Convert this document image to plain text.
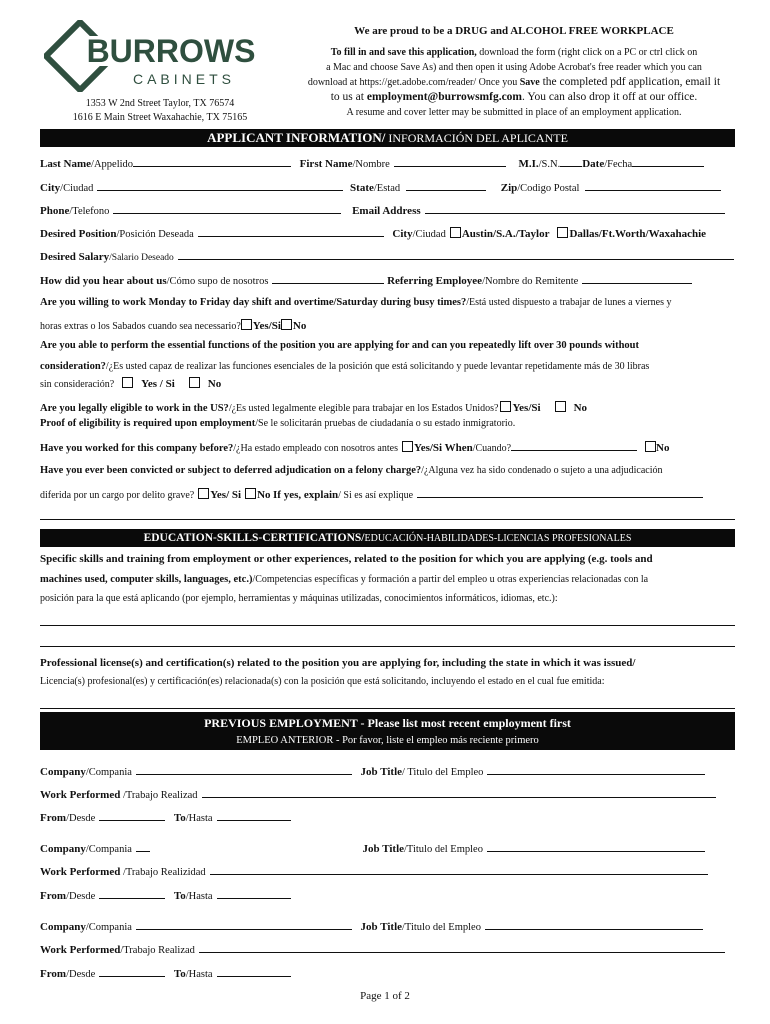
BURROWS
CABINETS
1353 W 2nd Street Taylor, TX 76574
1616 E Main Street Waxahachie, TX 75165
We are proud to be a DRUG and ALCOHOL FREE WORKPLACE
To fill in and save this application, download the form (right click on a PC or ctrl click on
a Mac and choose Save As) and then open it using Adobe Acrobat's free reader which you can
download at https://get.adobe.com/reader/ Once you Save the completed pdf application, email it
to us at employment@burrowsmfg.com. You can also drop it off at our office.
A resume and cover letter may be submitted in place of an employment application.
APPLICANT INFORMATION/ INFORMACIÓN DEL APLICANTE
Last Name/Appelido	First Name/Nombre	M.I./S.N. Date/Fecha
City/Ciudad	State/Estad	Zip/Codigo Postal
Phone/Telefono	Email Address
Desired Position/Posición Deseada	City/Ciudad Austin/S.A./Taylor Dallas/Ft.Worth/Waxahachie
Desired Salary/Salario Deseado
How did you hear about us/Cómo supo de nosotros	Referring Employee/Nombre do Remitente
Are you willing to work Monday to Friday day shift and overtime/Saturday during busy times?/Está usted dispuesto a trabajar de lunes a viernes y
horas extras o los Sabados cuando sea necessario? Yes/Si No
Are you able to perform the essential functions of the position you are applying for and can you repeatedly lift over 30 pounds without
consideration?/¿Es usted capaz de realizar las funciones esenciales de la posición que está solicitando y puede levantar repetidamente más de 30 libras
sin consideración? Yes / Si	No
Are you legally eligible to work in the US?/¿Es usted legalmente elegible para trabajar en los Estados Unidos? Yes/Si	No
Proof of eligibility is required upon employment/Se le solicitarán pruebas de ciudadanía o su estado inmigratorio.
Have you worked for this company before?/¿Ha estado empleado con nosotros antes Yes/Si When/Cuando?	No
Have you ever been convicted or subject to deferred adjudication on a felony charge?/¿Alguna vez ha sido condenado o sujeto a una adjudicación
diferida por un cargo por delito grave? Yes/ Si No If yes, explain/ Si es así explique
EDUCATION-SKILLS-CERTIFICATIONS/EDUCACIÓN-HABILIDADES-LICENCIAS PROFESIONALES
Specific skills and training from employment or other experiences, related to the position for which you are applying (e.g. tools and
machines used, computer skills, languages, etc.)/Competencias específicas y formación a partir del empleo u otras experiencias relacionadas con la
posición para la que está aplicando (por ejemplo, herramientas y máquinas utilizadas, conocimientos informáticos, idiomas, etc.):
Professional license(s) and certification(s) related to the position you are applying for, including the state in which it was issued/
Licencia(s) profesional(es) y certificación(es) relacionada(s) con la posición que está solicitando, incluyendo el estado en el cual fue emitida:
PREVIOUS EMPLOYMENT - Please list most recent employment first
EMPLEO ANTERIOR - Por favor, liste el empleo más reciente primero
Company/Compania	Job Title/ Titulo del Empleo
Work Performed /Trabajo Realizad
From/Desde	To/Hasta
Company/Compania	Job Title/Titulo del Empleo
Work Performed /Trabajo Realizidad
From/Desde	To/Hasta
Company/Compania	Job Title/Titulo del Empleo
Work Performed/Trabajo Realizad
From/Desde	To/Hasta
Page 1 of 2
